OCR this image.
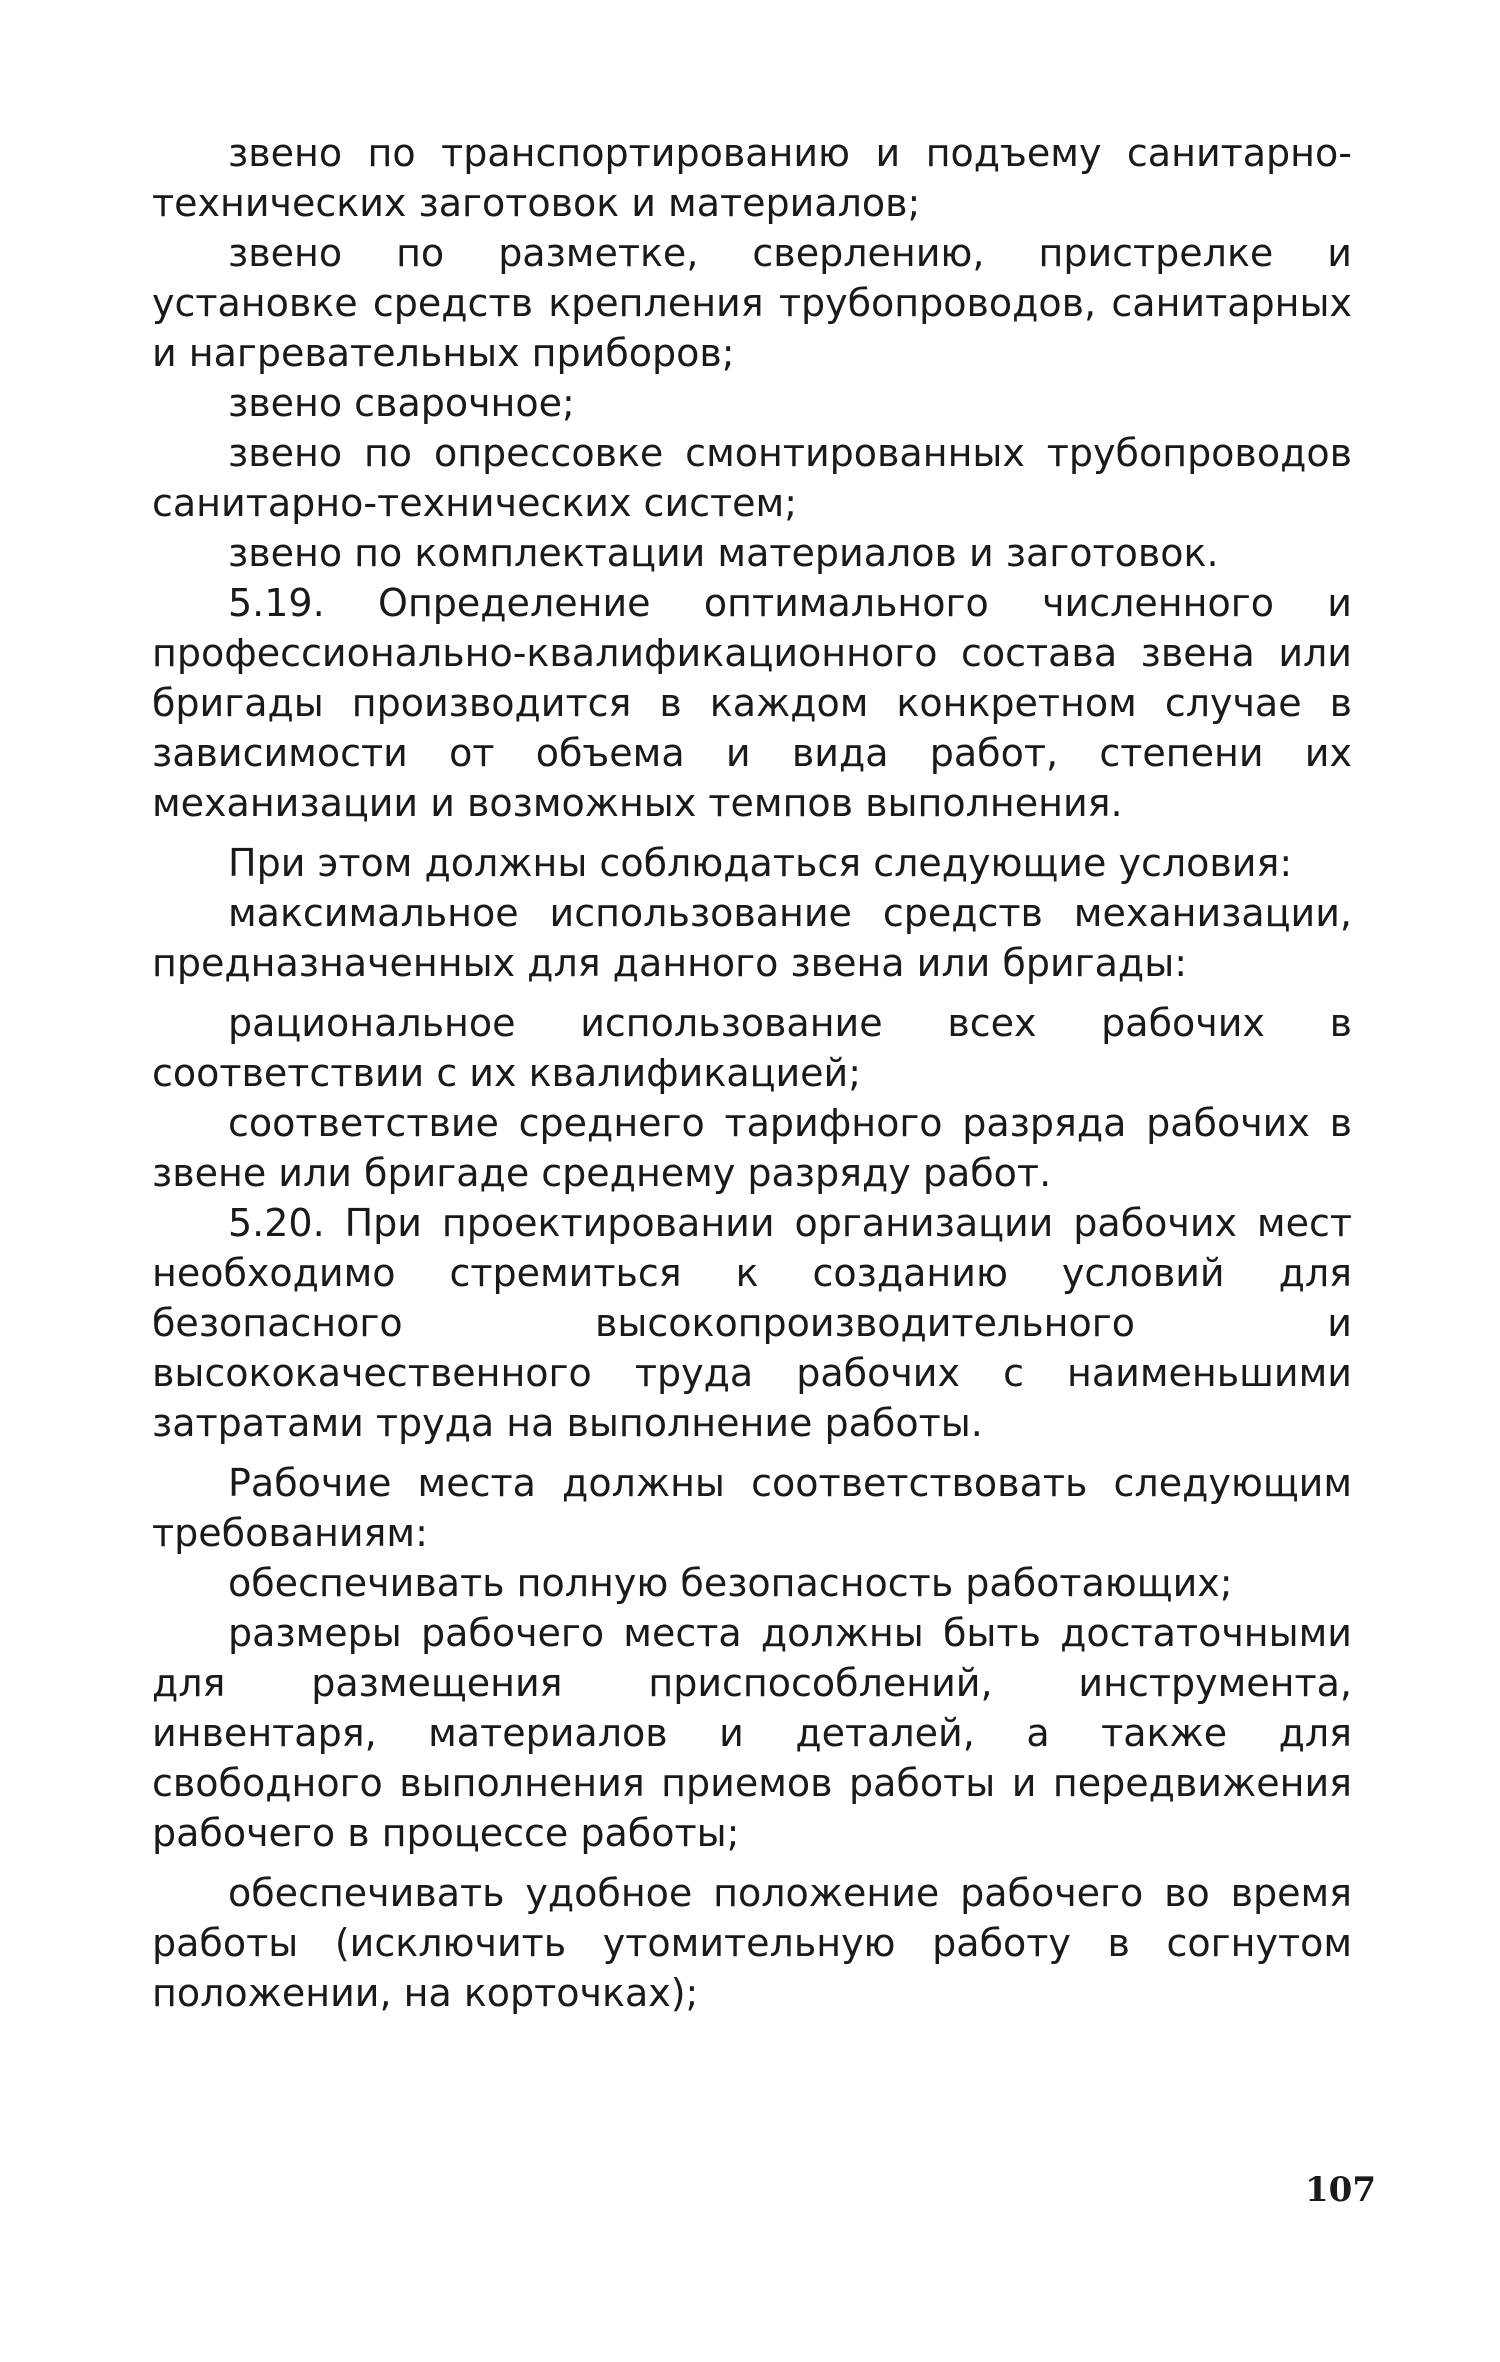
звено по транспортированию и подъему санитарно-технических заготовок и материалов;

звено по разметке, сверлению, пристрелке и установке средств крепления трубопроводов, санитарных и нагревательных приборов;

звено сварочное;

звено по опрессовке смонтированных трубопроводов санитарно-технических систем;

звено по комплектации материалов и заготовок.

5.19. Определение оптимального численного и профессионально-квалификационного состава звена или бригады производится в каждом конкретном случае в зависимости от объема и вида работ, степени их механизации и возможных темпов выполнения.

При этом должны соблюдаться следующие условия:

максимальное использование средств механизации, предназначенных для данного звена или бригады:

рациональное использование всех рабочих в соответствии с их квалификацией;

соответствие среднего тарифного разряда рабочих в звене или бригаде среднему разряду работ.

5.20. При проектировании организации рабочих мест необходимо стремиться к созданию условий для безопасного высокопроизводительного и высококачественного труда рабочих с наименьшими затратами труда на выполнение работы.

Рабочие места должны соответствовать следующим требованиям:

обеспечивать полную безопасность работающих;

размеры рабочего места должны быть достаточными для размещения приспособлений, инструмента, инвентаря, материалов и деталей, а также для свободного выполнения приемов работы и передвижения рабочего в процессе работы;

обеспечивать удобное положение рабочего во время работы (исключить утомительную работу в согнутом положении, на корточках);

107
